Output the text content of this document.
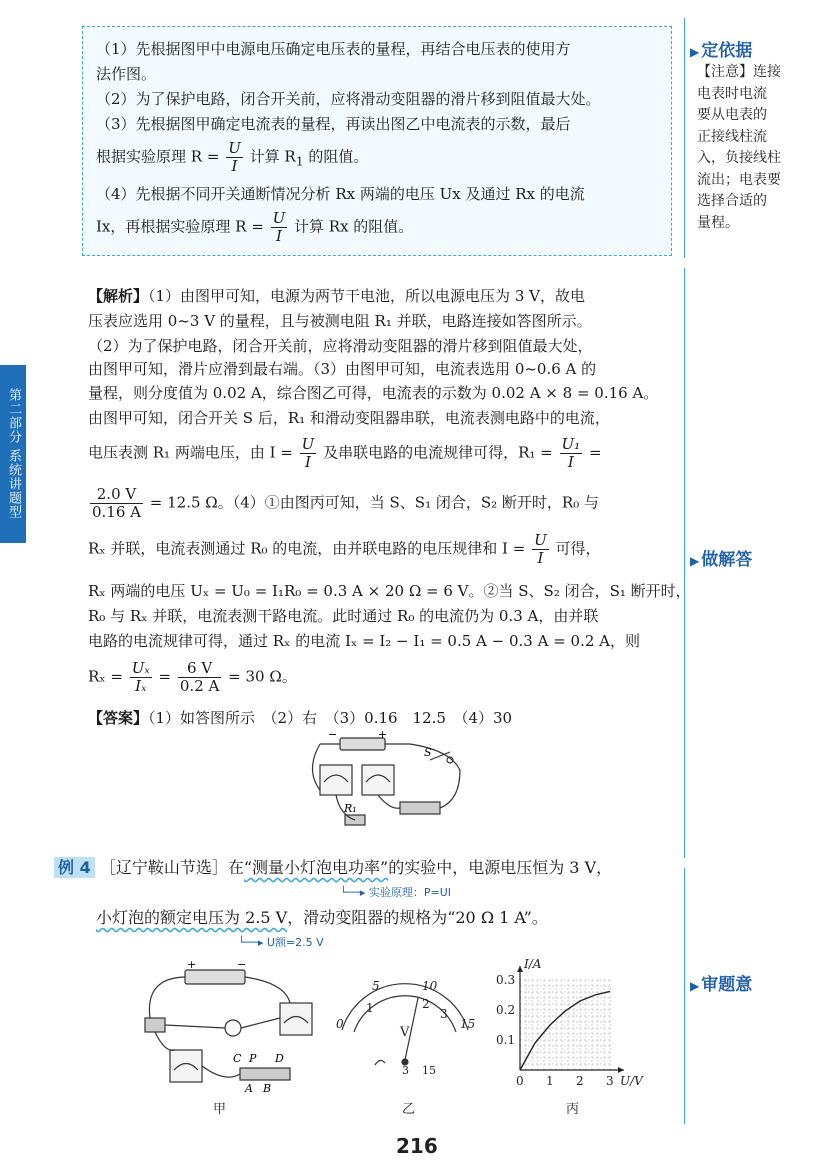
第二部分 系统讲题型
▶ 定依据
【注意】连接
电表时电流
要从电表的
正接线柱流
入，负接线柱
流出；电表要
选择合适的
量程。
▶ 做解答
▶ 审题意
（1）先根据图甲中电源电压确定电压表的量程，再结合电压表的使用方
法作图。
（2）为了保护电路，闭合开关前，应将滑动变阻器的滑片移到阻值最大处。
（3）先根据图甲确定电流表的量程，再读出图乙中电流表的示数，最后
根据实验原理 $R = \frac{U}{I}$ 计算 $R_1$ 的阻值。
（4）先根据不同开关通断情况分析 Rx 两端的电压 Ux 及通过 Rx 的电流
Ix，再根据实验原理 $R = \frac{U}{I}$ 计算 Rx 的阻值。
【解析】（1）由图甲可知，电源为两节干电池，所以电源电压为 3 V，故电
压表应选用 0~3 V 的量程，且与被测电阻 R₁ 并联，电路连接如答图所示。
（2）为了保护电路，闭合开关前，应将滑动变阻器的滑片移到阻值最大处，
由图甲可知，滑片应滑到最右端。（3）由图甲可知，电流表选用 0~0.6 A 的
量程，则分度值为 0.02 A，综合图乙可得，电流表的示数为 0.02 A × 8 = 0.16 A。
由图甲可知，闭合开关 S 后，R₁ 和滑动变阻器串联，电流表测电路中的电流，
电压表测 R₁ 两端电压，由 $I = \frac{U}{I}$ 及串联电路的电流规律可得，$R_1 = \frac{\text{U₁}}{I}$ =
$\frac{2.0 V}{0.16 A} = 12.5$ Ω。（4）①由图丙可知，当 S、S₁ 闭合，S₂ 断开时，R₀ 与
Rₓ 并联，电流表测通过 R₀ 的电流，由并联电路的电压规律和 $I = \frac{U}{I}$ 可得，
Rₓ 两端的电压 Uₓ = U₀ = I₁R₀ = 0.3 A × 20 Ω = 6 V。②当 S、S₂ 闭合，S₁ 断开时，
R₀ 与 Rₓ 并联，电流表测干路电流。此时通过 R₀ 的电流仍为 0.3 A，由并联
电路的电流规律可得，通过 Rₓ 的电流 Iₓ = I₂ − I₁ = 0.5 A − 0.3 A = 0.2 A，则
$R_x = \frac{\text{Uₓ}}{\text{Iₓ}} = \frac{6 V}{0.2 A} = 30$ Ω。
【答案】（1）如答图所示　（2）右　（3）0.16　12.5　（4）30
−	+
S
R₁
例 4 ［辽宁鞍山节选］在“测量小灯泡电功率”的实验中，电源电压恒为 3 V，
└──▸ 实验原理：P=UI
小灯泡的额定电压为 2.5 V，滑动变阻器的规格为“20 Ω 1 A”。
└──▸ U额=2.5 V
+	−
C P D
A B
甲
0
5	10
15
1	2
3
V
3 15
乙
0 1 2 3
0.1
0.2
0.3
U/V
I/A
丙
216
